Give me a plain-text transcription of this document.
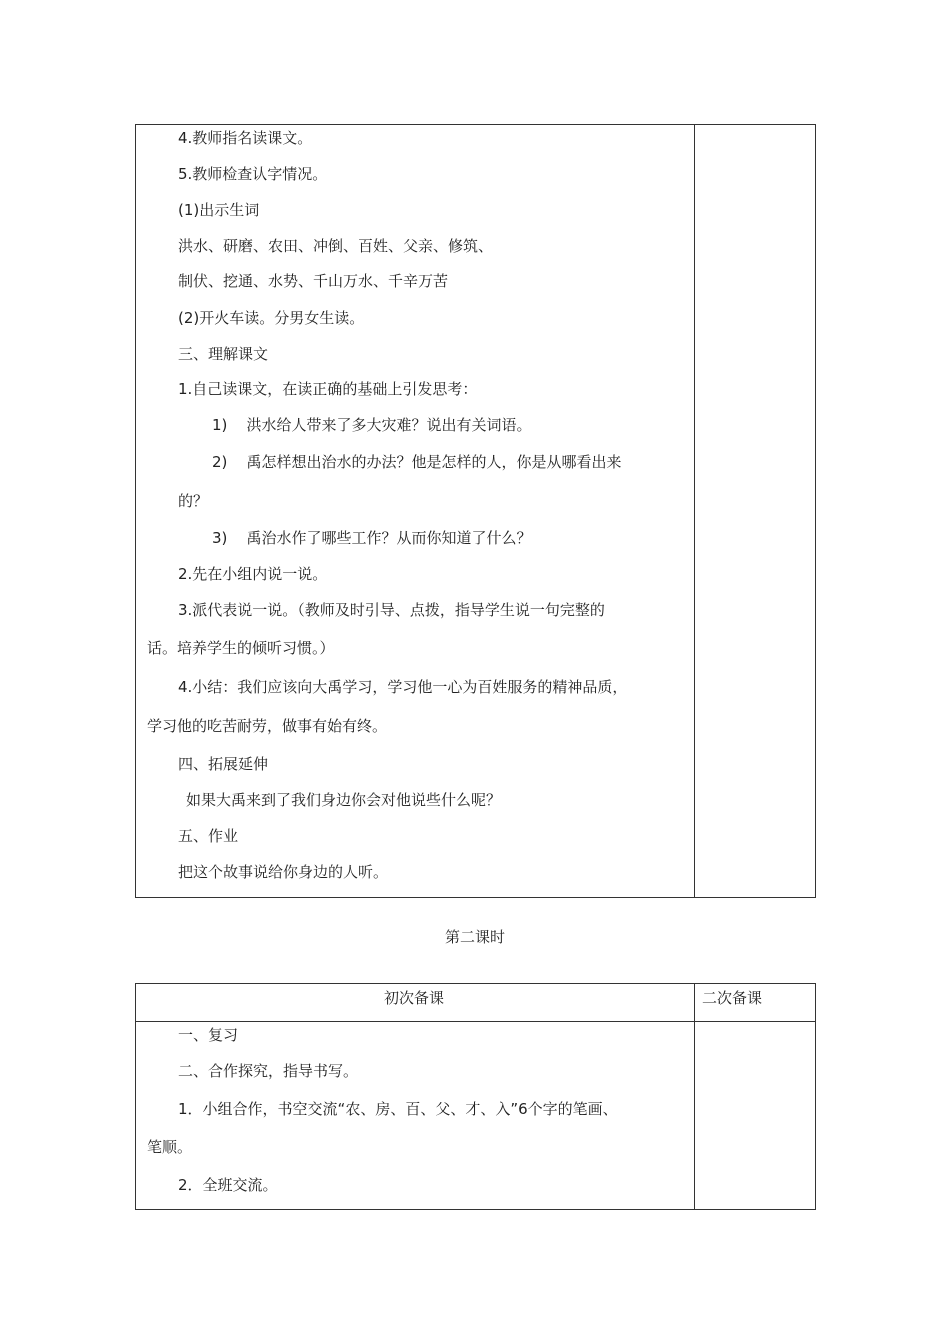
4.教师指名读课文。
5.教师检查认字情况。
(1)出示生词
洪水、研磨、农田、冲倒、百姓、父亲、修筑、
制伏、挖通、水势、千山万水、千辛万苦
(2)开火车读。分男女生读。
三、理解课文
1.自己读课文，在读正确的基础上引发思考：
1)    洪水给人带来了多大灾难？说出有关词语。
2)    禹怎样想出治水的办法？他是怎样的人，你是从哪看出来
的？
3)    禹治水作了哪些工作？从而你知道了什么？
2.先在小组内说一说。
3.派代表说一说。（教师及时引导、点拨，指导学生说一句完整的
话。培养学生的倾听习惯。）
4.小结：我们应该向大禹学习，学习他一心为百姓服务的精神品质，
学习他的吃苦耐劳，做事有始有终。
四、拓展延伸
如果大禹来到了我们身边你会对他说些什么呢？
五、作业
把这个故事说给你身边的人听。
第二课时
初次备课	二次备课
一、复习
二、合作探究，指导书写。
1．小组合作，书空交流“农、房、百、父、才、入”6个字的笔画、
笔顺。
2．全班交流。
